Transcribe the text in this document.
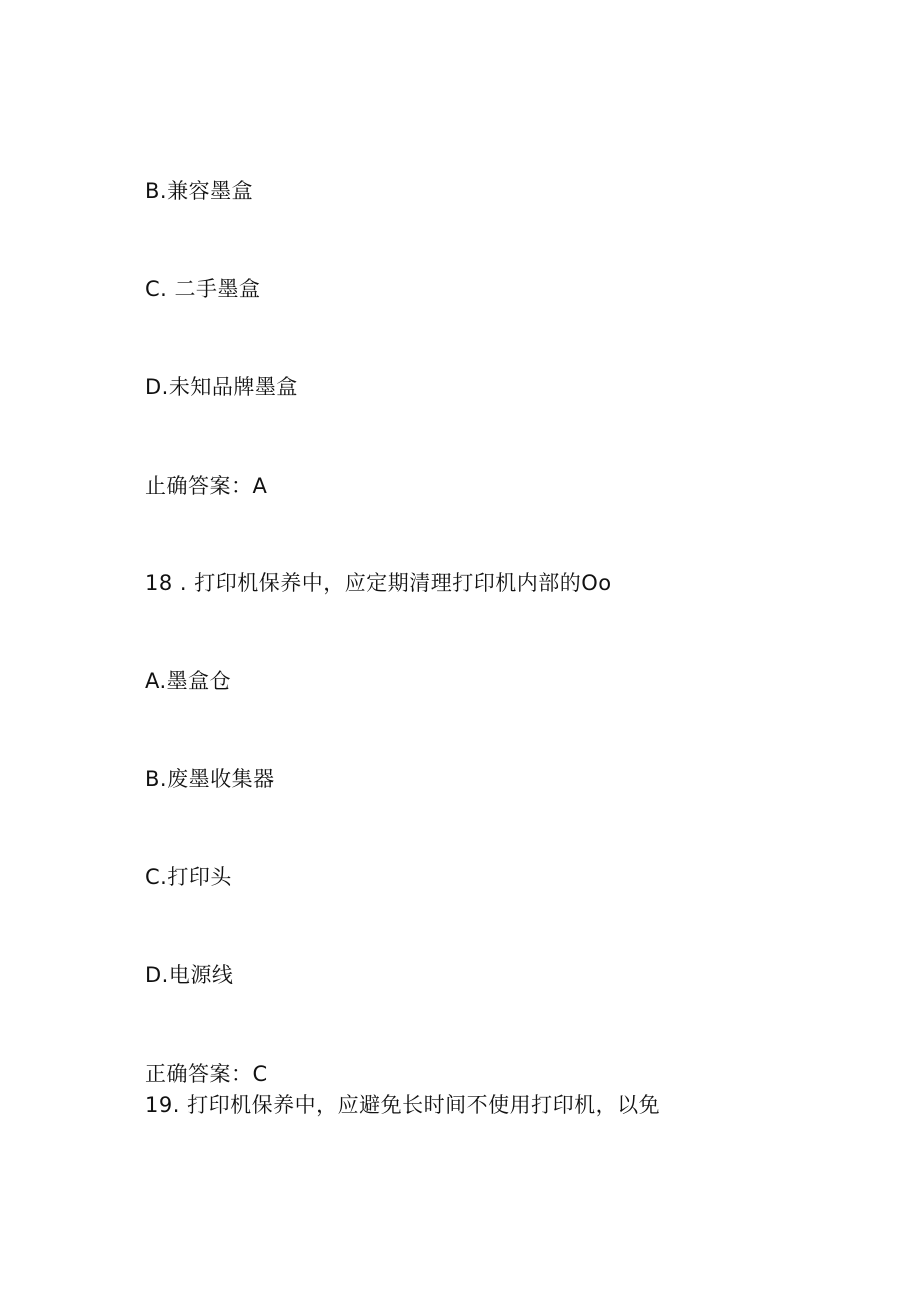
B.兼容墨盒
C. 二手墨盒
D.未知品牌墨盒
止确答案：A
18 . 打印机保养中，应定期清理打印机内部的Oo
A.墨盒仓
B.废墨收集器
C.打印头
D.电源线
正确答案：C
19. 打印机保养中，应避免长时间不使用打印机，以免
